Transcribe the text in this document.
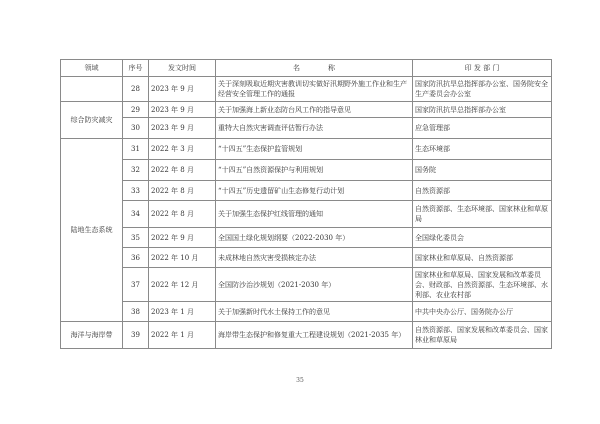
领域	序号	发文时间	名　　　　称	印 发 部 门
	28	2023 年 9 月	关于深刻吸取近期灾害教训切实做好汛期野外施工作业和生产经营安全管理工作的通报	国家防汛抗旱总指挥部办公室、国务院安全生产委员会办公室
综合防灾减灾	29	2023 年 9 月	关于加强海上新业态防台风工作的指导意见	国家防汛抗旱总指挥部办公室
	30	2023 年 9 月	重特大自然灾害调查评估暂行办法	应急管理部
陆地生态系统	31	2022 年 3 月	“十四五”生态保护监管规划	生态环境部
	32	2022 年 8 月	“十四五”自然资源保护与利用规划	国务院
	33	2022 年 8 月	“十四五”历史遗留矿山生态修复行动计划	自然资源部
	34	2022 年 8 月	关于加强生态保护红线管理的通知	自然资源部、生态环境部、国家林业和草原局
	35	2022 年 9 月	全国国土绿化规划纲要（2022-2030 年）	全国绿化委员会
	36	2022 年 10 月	未成林地自然灾害受损核定办法	国家林业和草原局、自然资源部
	37	2022 年 12 月	全国防沙治沙规划（2021-2030 年）	国家林业和草原局、国家发展和改革委员会、财政部、自然资源部、生态环境部、水利部、农业农村部
	38	2023 年 1 月	关于加强新时代水土保持工作的意见	中共中央办公厅、国务院办公厅
海洋与海岸带	39	2022 年 1 月	海岸带生态保护和修复重大工程建设规划（2021-2035 年）	自然资源部、国家发展和改革委员会、国家林业和草原局
35
